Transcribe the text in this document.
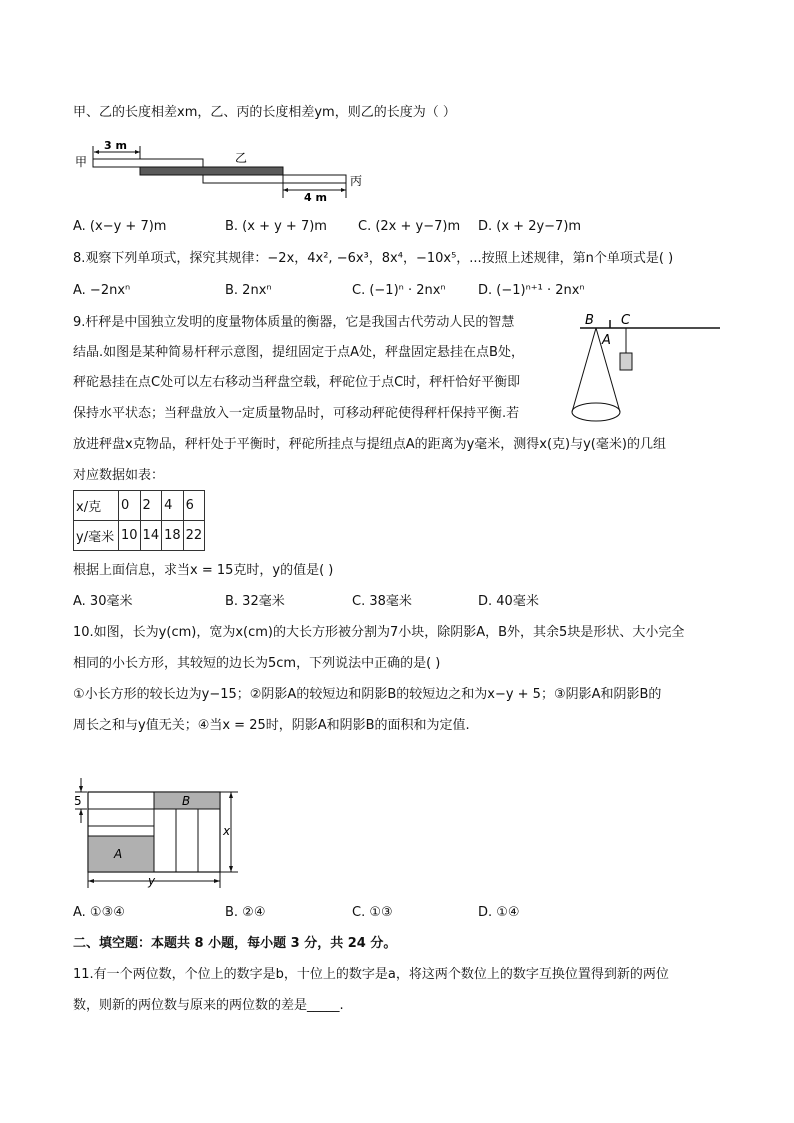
甲、乙的长度相差xm，乙、丙的长度相差ym，则乙的长度为（ ）
甲
3 m
乙
丙
4 m
A. (x−y + 7)m	B. (x + y + 7)m C. (2x + y−7)m D. (x + 2y−7)m
8.观察下列单项式，探究其规律：−2x，4x², −6x³，8x⁴，−10x⁵，...按照上述规律，第n个单项式是( )
A. −2nxⁿ	B. 2nxⁿ	C. (−1)ⁿ · 2nxⁿ D. (−1)ⁿ⁺¹ · 2nxⁿ
9.杆秤是中国独立发明的度量物体质量的衡器，它是我国古代劳动人民的智慧
结晶.如图是某种简易杆秤示意图，提纽固定于点A处，秤盘固定悬挂在点B处，
秤砣悬挂在点C处可以左右移动当秤盘空载，秤砣位于点C时，秤杆恰好平衡即
保持水平状态；当秤盘放入一定质量物品时，可移动秤砣使得秤杆保持平衡.若
放进秤盘x克物品，秤杆处于平衡时，秤砣所挂点与提纽点A的距离为y毫米，测得x(克)与y(毫米)的几组
对应数据如表：
B C
A
x/克	0	2	4	6
y/毫米	10	14	18	22
根据上面信息，求当x = 15克时，y的值是( )
A. 30毫米	B. 32毫米	C. 38毫米	D. 40毫米
10.如图，长为y(cm)，宽为x(cm)的大长方形被分割为7小块，除阴影A，B外，其余5块是形状、大小完全
相同的小长方形，其较短的边长为5cm，下列说法中正确的是( )
①小长方形的较长边为y−15；②阴影A的较短边和阴影B的较短边之和为x−y + 5；③阴影A和阴影B的
周长之和与y值无关；④当x = 25时，阴影A和阴影B的面积和为定值.
5	B
A
x
y
A. ①③④	B. ②④	C. ①③	D. ①④
二、填空题：本题共 8 小题，每小题 3 分，共 24 分。
11.有一个两位数，个位上的数字是b，十位上的数字是a，将这两个数位上的数字互换位置得到新的两位
数，则新的两位数与原来的两位数的差是_____.
